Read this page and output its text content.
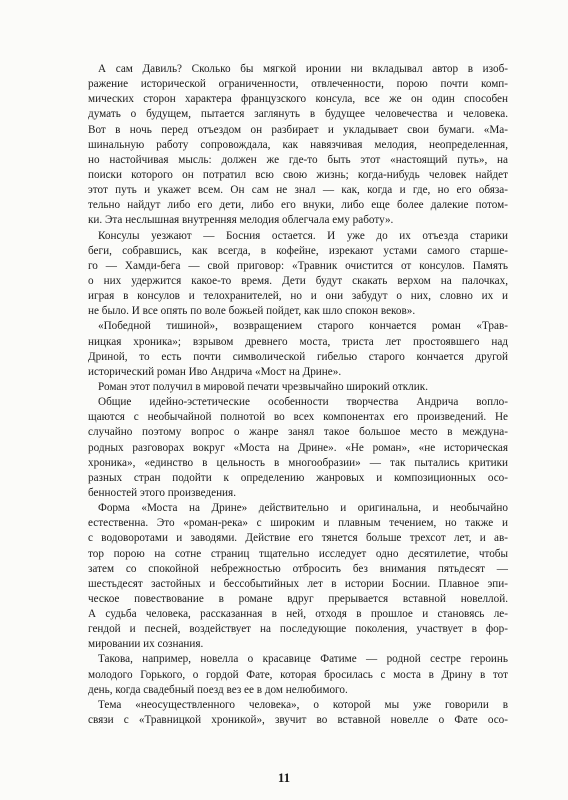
А сам Давиль? Сколько бы мягкой иронии ни вкладывал автор в изоб-
ражение исторической ограниченности, отвлеченности, порою почти комп-
мических сторон характера французского консула, все же он один способен
думать о будущем, пытается заглянуть в будущее человечества и человека.
Вот в ночь перед отъездом он разбирает и укладывает свои бумаги. «Ма-
шинальную работу сопровождала, как навязчивая мелодия, неопределенная,
но настойчивая мысль: должен же где-то быть этот «настоящий путь», на
поиски которого он потратил всю свою жизнь; когда-нибудь человек найдет
этот путь и укажет всем. Он сам не знал — как, когда и где, но его обяза-
тельно найдут либо его дети, либо его внуки, либо еще более далекие потом-
ки. Эта неслышная внутренняя мелодия облегчала ему работу».
Консулы уезжают — Босния остается. И уже до их отъезда старики
беги, собравшись, как всегда, в кофейне, изрекают устами самого старше-
го — Хамди-бега — свой приговор: «Травник очистится от консулов. Память
о них удержится какое-то время. Дети будут скакать верхом на палочках,
играя в консулов и телохранителей, но и они забудут о них, словно их и
не было. И все опять по воле божьей пойдет, как шло спокон веков».
«Победной тишиной», возвращением старого кончается роман «Трав-
ницкая хроника»; взрывом древнего моста, триста лет простоявшего над
Дриной, то есть почти символической гибелью старого кончается другой
исторический роман Иво Андрича «Мост на Дрине».
Роман этот получил в мировой печати чрезвычайно широкий отклик.
Общие идейно-эстетические особенности творчества Андрича вопло-
щаются с необычайной полнотой во всех компонентах его произведений. Не
случайно поэтому вопрос о жанре занял такое большое место в междуна-
родных разговорах вокруг «Моста на Дрине». «Не роман», «не историческая
хроника», «единство в цельность в многообразии» — так пытались критики
разных стран подойти к определению жанровых и композиционных осо-
бенностей этого произведения.
Форма «Моста на Дрине» действительно и оригинальна, и необычайно
естественна. Это «роман-река» с широким и плавным течением, но также и
с водоворотами и заводями. Действие его тянется больше трехсот лет, и ав-
тор порою на сотне страниц тщательно исследует одно десятилетие, чтобы
затем со спокойной небрежностью отбросить без внимания пятьдесят —
шестьдесят застойных и бессобытийных лет в истории Боснии. Плавное эпи-
ческое повествование в романе вдруг прерывается вставной новеллой.
А судьба человека, рассказанная в ней, отходя в прошлое и становясь ле-
гендой и песней, воздействует на последующие поколения, участвует в фор-
мировании их сознания.
Такова, например, новелла о красавице Фатиме — родной сестре героинь
молодого Горького, о гордой Фате, которая бросилась с моста в Дрину в тот
день, когда свадебный поезд вез ее в дом нелюбимого.
Тема «неосуществленного человека», о которой мы уже говорили в
связи с «Травницкой хроникой», звучит во вставной новелле о Фате осо-
11
